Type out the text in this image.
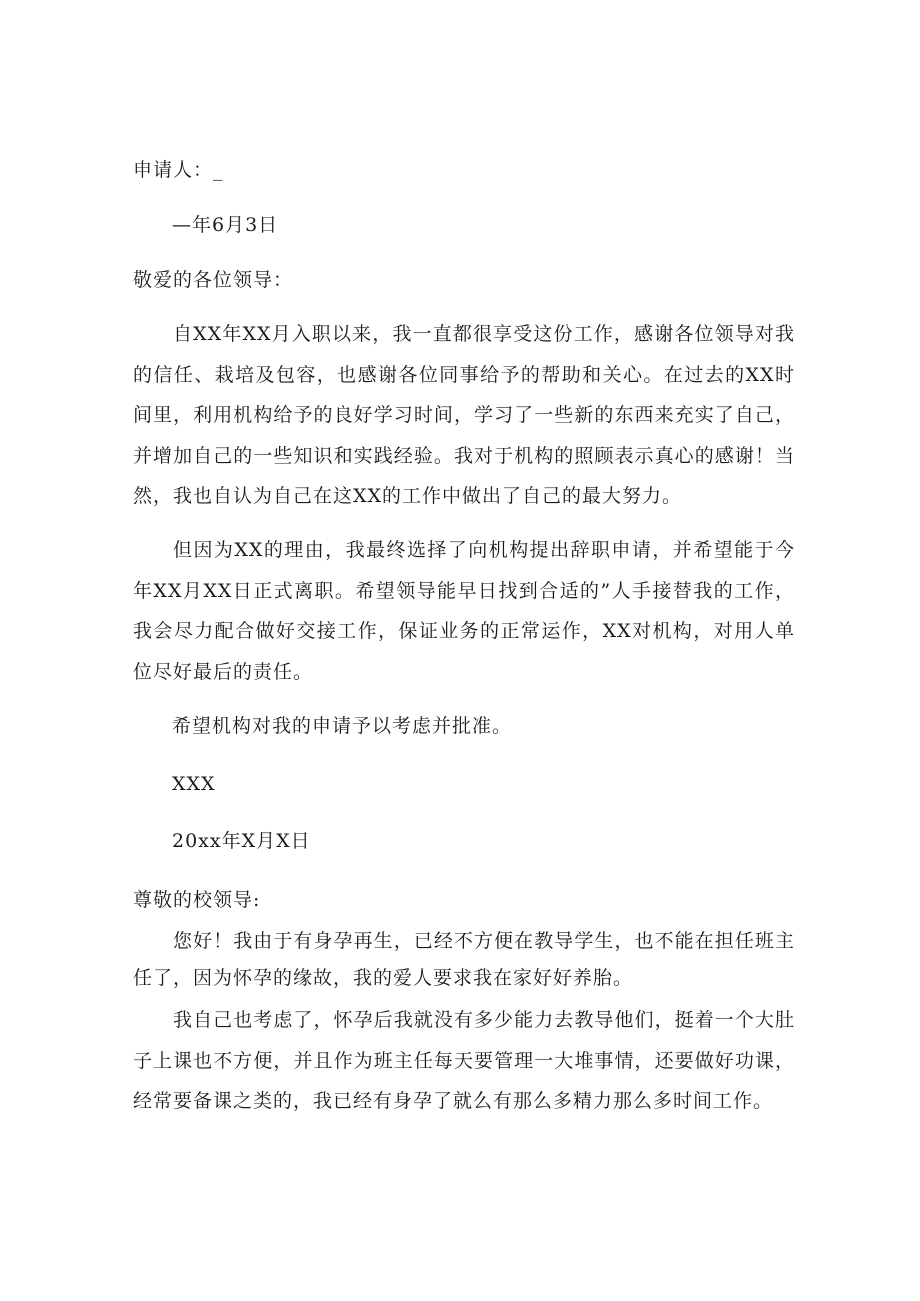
申请人：_
—年6月3日
敬爱的各位领导：
自XX年XX月入职以来，我一直都很享受这份工作，感谢各位领导对我的信任、栽培及包容，也感谢各位同事给予的帮助和关心。在过去的XX时间里，利用机构给予的良好学习时间，学习了一些新的东西来充实了自己，并增加自己的一些知识和实践经验。我对于机构的照顾表示真心的感谢！当然，我也自认为自己在这XX的工作中做出了自己的最大努力。
但因为XX的理由，我最终选择了向机构提出辞职申请，并希望能于今年XX月XX日正式离职。希望领导能早日找到合适的”人手接替我的工作，我会尽力配合做好交接工作，保证业务的正常运作，XX对机构，对用人单位尽好最后的责任。
希望机构对我的申请予以考虑并批准。
XXX
20xx年X月X日
尊敬的校领导:
您好！我由于有身孕再生，已经不方便在教导学生，也不能在担任班主任了，因为怀孕的缘故，我的爱人要求我在家好好养胎。
我自己也考虑了，怀孕后我就没有多少能力去教导他们，挺着一个大肚子上课也不方便，并且作为班主任每天要管理一大堆事情，还要做好功课，经常要备课之类的，我已经有身孕了就么有那么多精力那么多时间工作。
